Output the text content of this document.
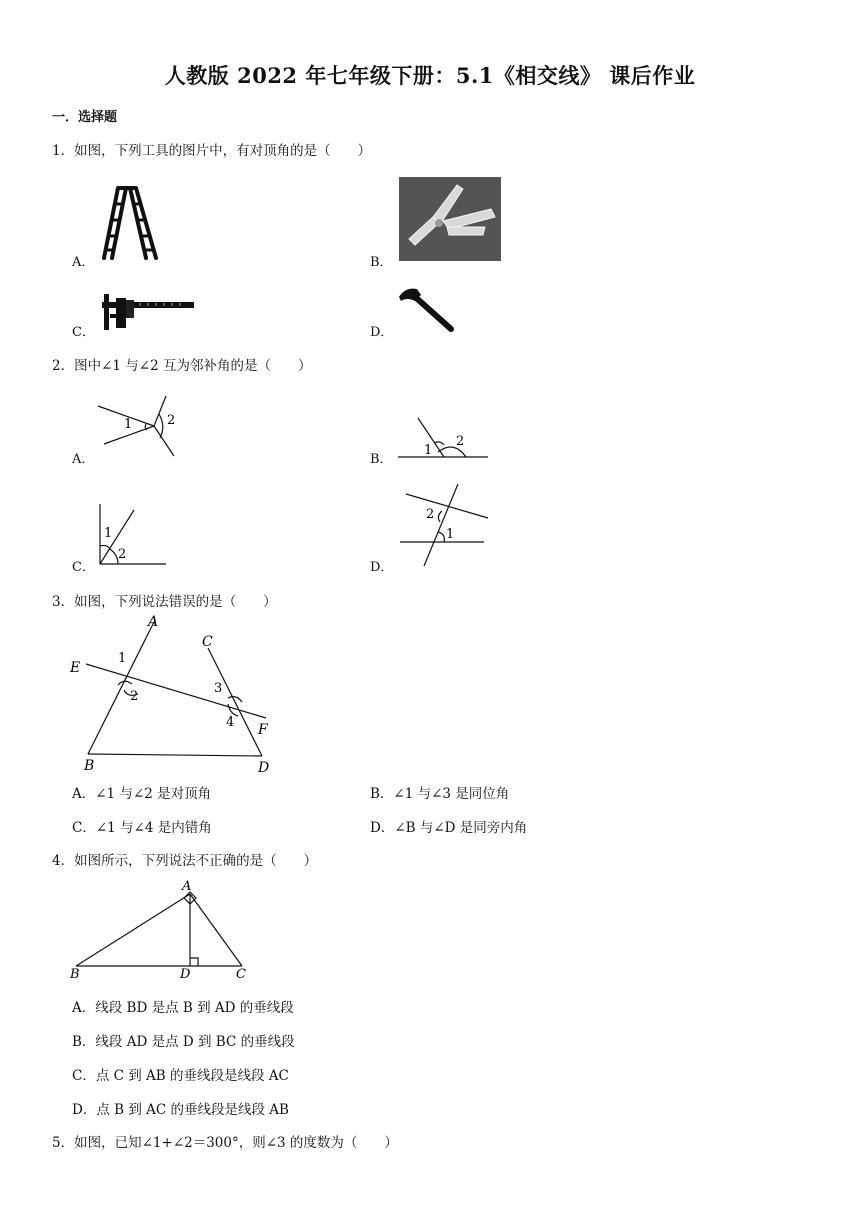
人教版 2022 年七年级下册：5.1《相交线》 课后作业
一．选择题
1．如图，下列工具的图片中，有对顶角的是（　　）
A．	B．
C．	D．
2．图中∠1 与∠2 互为邻补角的是（　　）
A．
1	2
B．
1
2
C．
1
2
D．
2
1
3．如图，下列说法错误的是（　　）
A
B
C
D
E
F
1
2
3
4
A．∠1 与∠2 是对顶角	B．∠1 与∠3 是同位角
C．∠1 与∠4 是内错角	D．∠B 与∠D 是同旁内角
4．如图所示，下列说法不正确的是（　　）
A
B	C
D
A．线段 BD 是点 B 到 AD 的垂线段
B．线段 AD 是点 D 到 BC 的垂线段
C．点 C 到 AB 的垂线段是线段 AC
D．点 B 到 AC 的垂线段是线段 AB
5．如图，已知∠1+∠2＝300°，则∠3 的度数为（　　）
